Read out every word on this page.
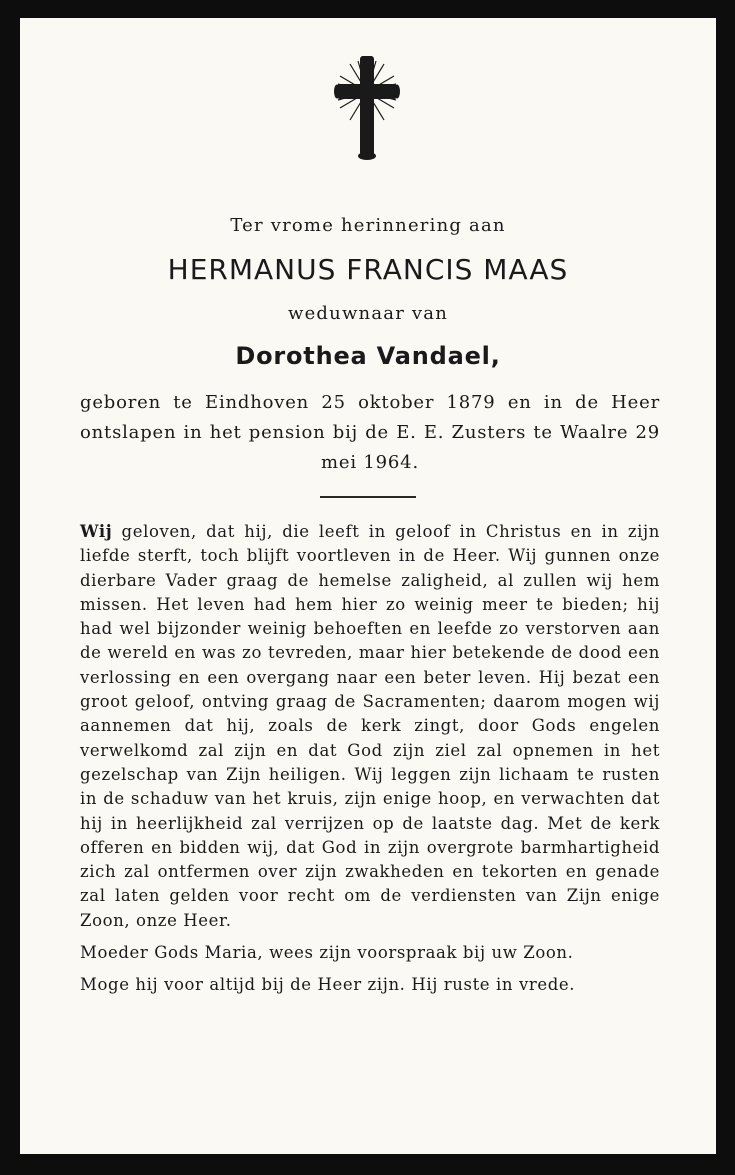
Ter vrome herinnering aan

HERMANUS FRANCIS MAAS

weduwnaar van

Dorothea Vandael,

geboren te Eindhoven 25 oktober 1879 en in de Heer ontslapen in het pension bij de E. E. Zusters te Waalre 29 mei 1964.

Wij geloven, dat hij, die leeft in geloof in Christus en in zijn liefde sterft, toch blijft voortleven in de Heer. Wij gunnen onze dierbare Vader graag de hemelse zaligheid, al zullen wij hem missen. Het leven had hem hier zo weinig meer te bieden; hij had wel bijzonder weinig behoeften en leefde zo verstorven aan de wereld en was zo tevreden, maar hier betekende de dood een verlossing en een overgang naar een beter leven. Hij bezat een groot geloof, ontving graag de Sacramenten; daarom mogen wij aannemen dat hij, zoals de kerk zingt, door Gods engelen verwelkomd zal zijn en dat God zijn ziel zal opnemen in het gezelschap van Zijn heiligen. Wij leggen zijn lichaam te rusten in de schaduw van het kruis, zijn enige hoop, en verwachten dat hij in heerlijkheid zal verrijzen op de laatste dag. Met de kerk offeren en bidden wij, dat God in zijn overgrote barmhartigheid zich zal ontfermen over zijn zwakheden en tekorten en genade zal laten gelden voor recht om de verdiensten van Zijn enige Zoon, onze Heer.

Moeder Gods Maria, wees zijn voorspraak bij uw Zoon.

Moge hij voor altijd bij de Heer zijn. Hij ruste in vrede.
